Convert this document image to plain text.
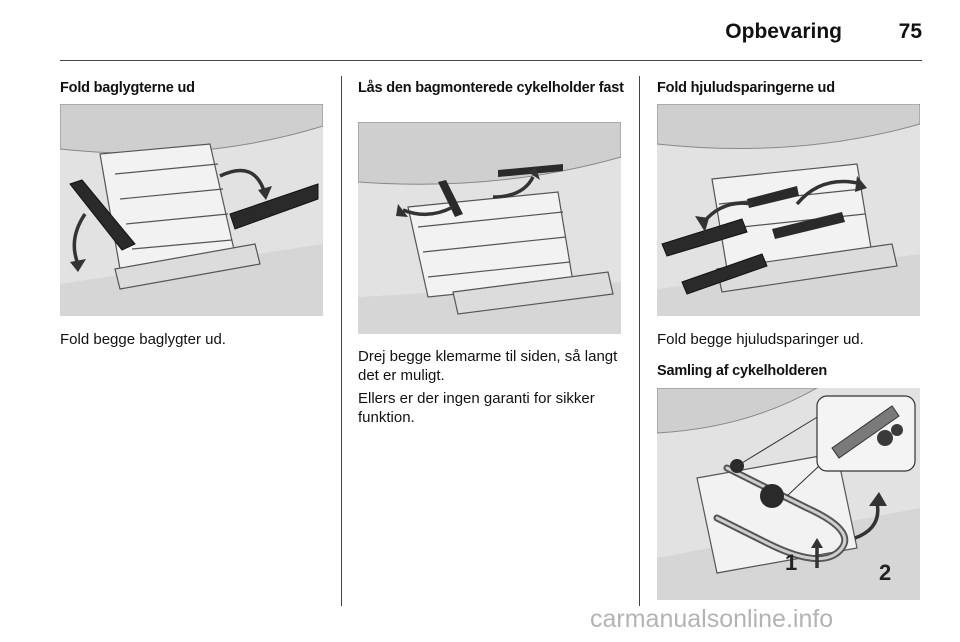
Opbevaring	75
Fold baglygterne ud
Fold begge baglygter ud.
Lås den bagmonterede cykelholder fast
Drej begge klemarme til siden, så langt det er muligt.
Ellers er der ingen garanti for sikker funktion.
Fold hjuludsparingerne ud
Fold begge hjuludsparinger ud.
Samling af cykelholderen
1	2
carmanualsonline.info
